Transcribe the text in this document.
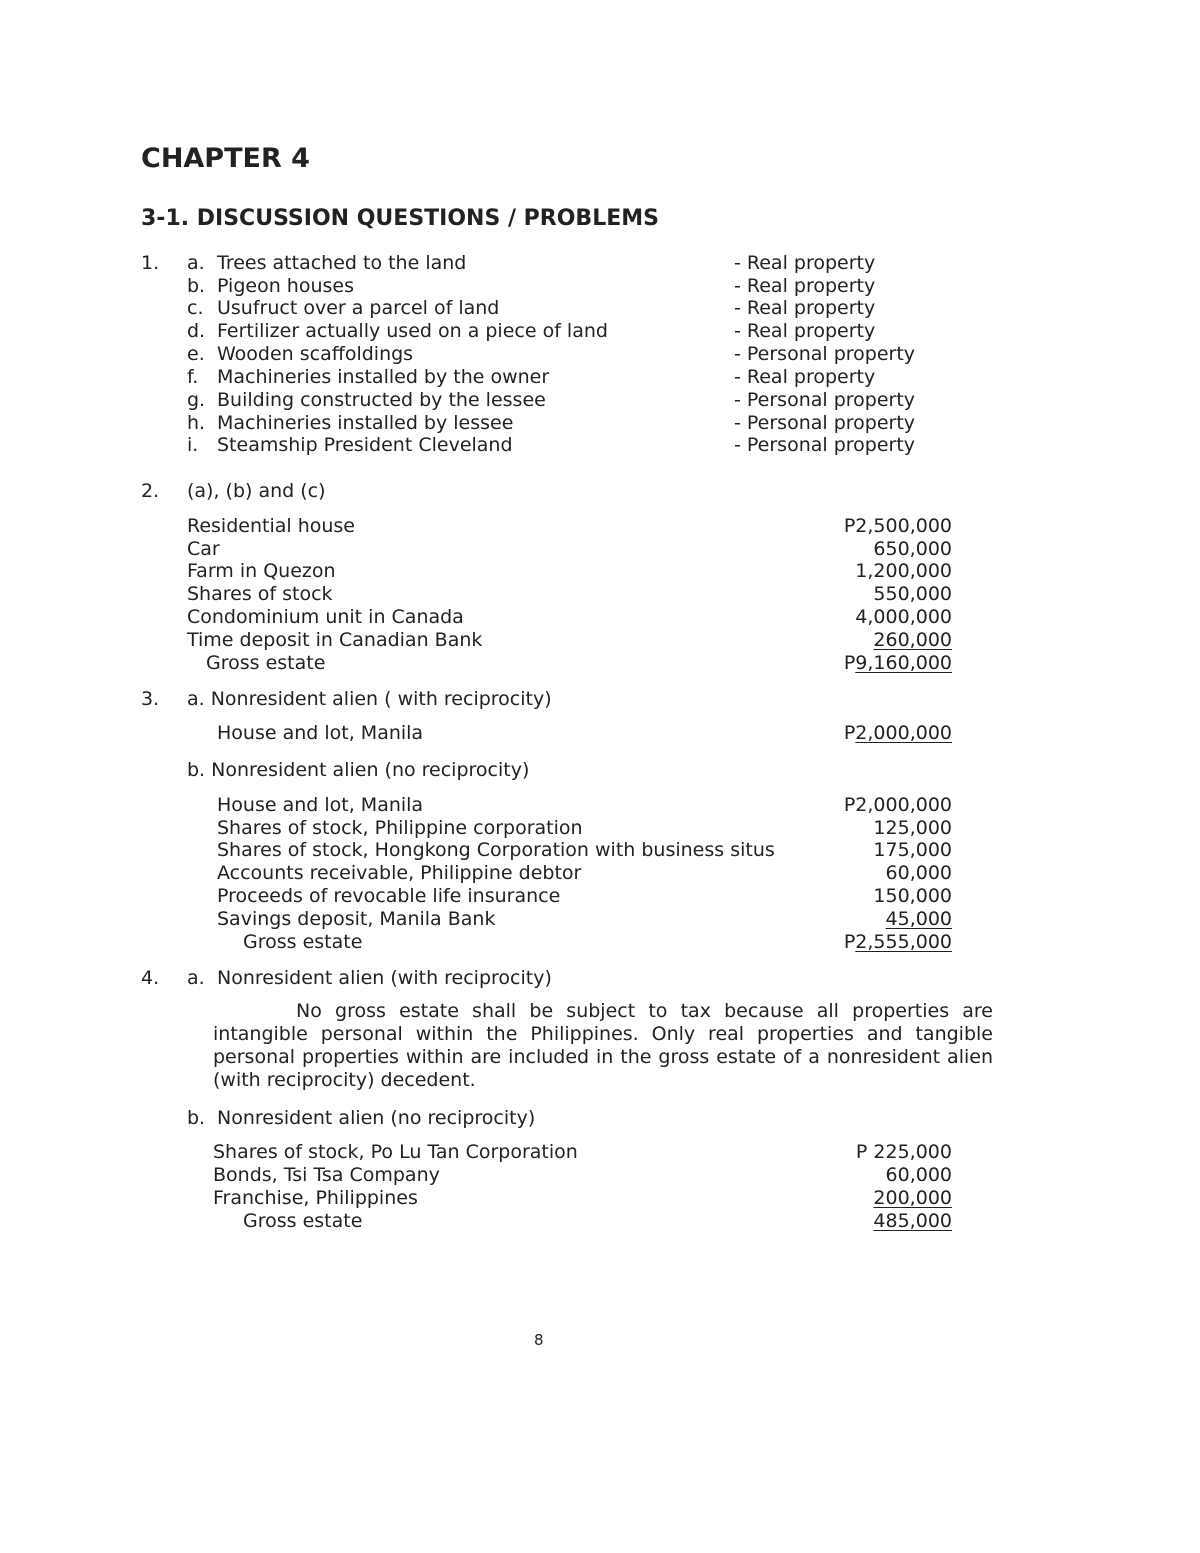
CHAPTER 4
3-1. DISCUSSION QUESTIONS / PROBLEMS
1. a. Trees attached to the land	- Real property
b. Pigeon houses	- Real property
c. Usufruct over a parcel of land	- Real property
d. Fertilizer actually used on a piece of land	- Real property
e. Wooden scaffoldings	- Personal property
f. Machineries installed by the owner	- Real property
g. Building constructed by the lessee	- Personal property
h. Machineries installed by lessee	- Personal property
i. Steamship President Cleveland	- Personal property
2. (a), (b) and (c)
Residential house	P2,500,000
Car	650,000
Farm in Quezon	1,200,000
Shares of stock	550,000
Condominium unit in Canada	4,000,000
Time deposit in Canadian Bank	260,000
Gross estate	P9,160,000
3. a. Nonresident alien ( with reciprocity)
House and lot, Manila	P2,000,000
b. Nonresident alien (no reciprocity)
House and lot, Manila	P2,000,000
Shares of stock, Philippine corporation	125,000
Shares of stock, Hongkong Corporation with business situs	175,000
Accounts receivable, Philippine debtor	60,000
Proceeds of revocable life insurance	150,000
Savings deposit, Manila Bank	45,000
Gross estate	P2,555,000
4. a. Nonresident alien (with reciprocity)
No gross estate shall be subject to tax because all properties are intangible personal within the Philippines. Only real properties and tangible personal properties within are included in the gross estate of a nonresident alien (with reciprocity) decedent.
b. Nonresident alien (no reciprocity)
Shares of stock, Po Lu Tan Corporation	P 225,000
Bonds, Tsi Tsa Company	60,000
Franchise, Philippines	200,000
Gross estate	485,000
8
